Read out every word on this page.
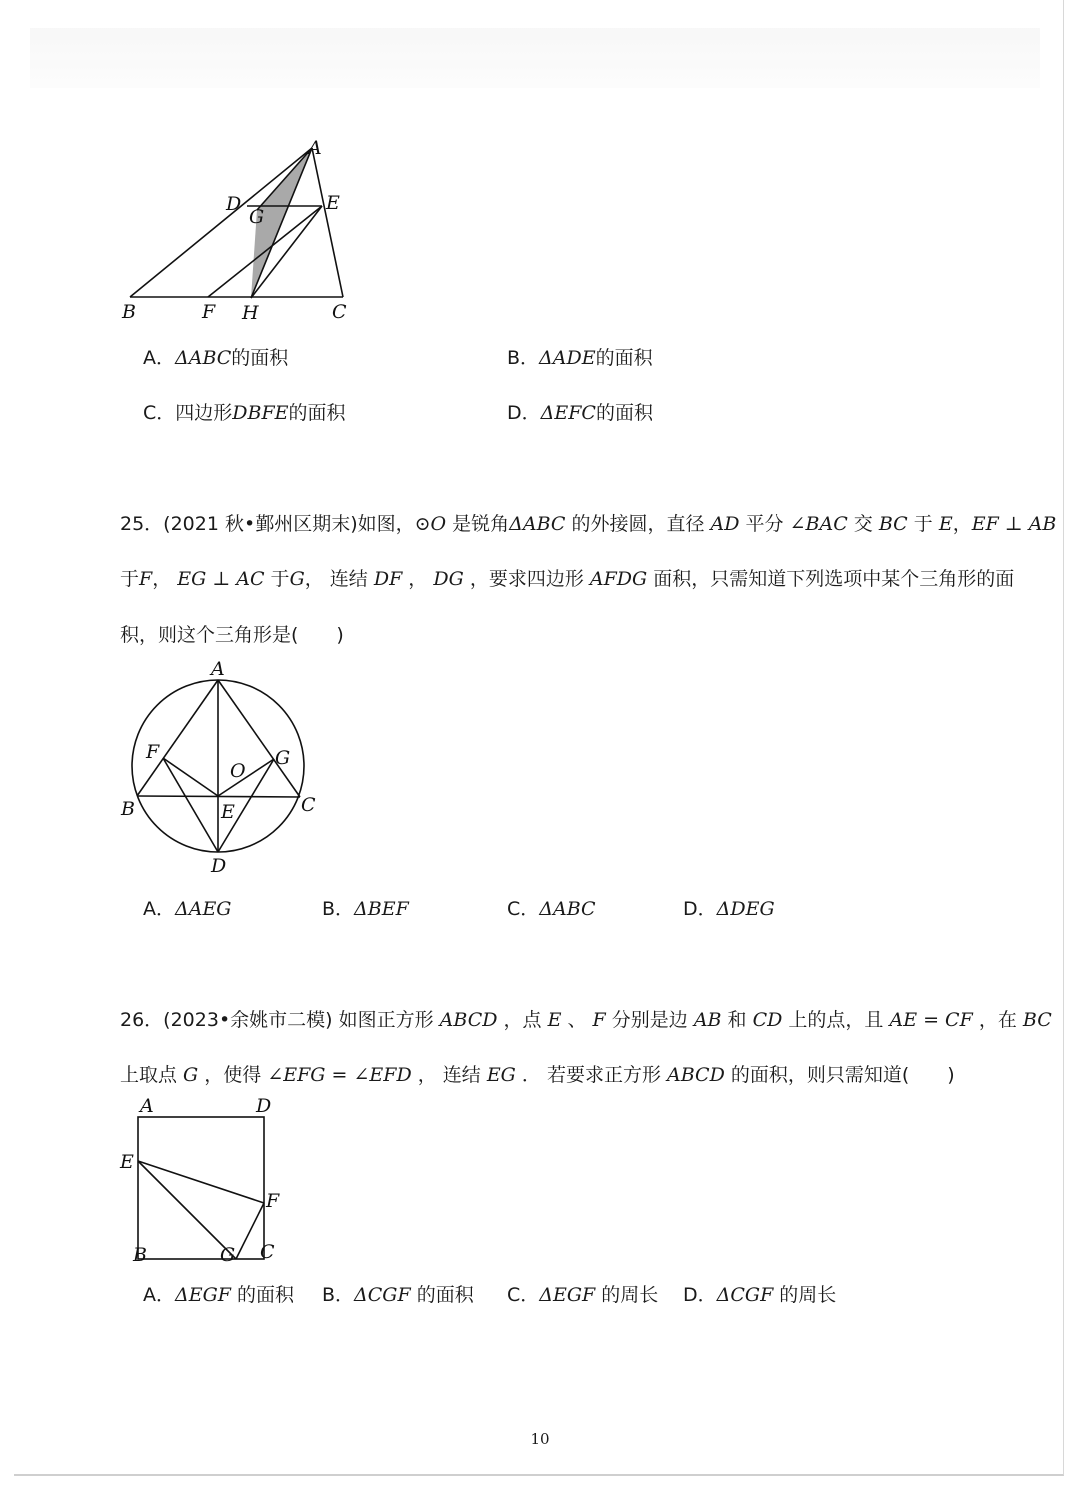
A
D
G
E
B	F H	C
A．ΔABC的面积	B．ΔADE的面积
C．四边形DBFE的面积	D．ΔEFC的面积
25．(2021 秋•鄞州区期末)如图，⊙O 是锐角ΔABC 的外接圆，直径 AD 平分 ∠BAC 交 BC 于 E，EF ⊥ AB
于F， EG ⊥ AC 于G， 连结 DF ， DG ，要求四边形 AFDG 面积，只需知道下列选项中某个三角形的面
积，则这个三角形是(　　)
A
F
O
G
B	E	C
D
A．ΔAEG	B．ΔBEF	C．ΔABC	D．ΔDEG
26．(2023•余姚市二模) 如图正方形 ABCD ，点 E 、 F 分别是边 AB 和 CD 上的点，且 AE = CF ，在 BC
上取点 G ，使得 ∠EFG = ∠EFD ， 连结 EG ． 若要求正方形 ABCD 的面积，则只需知道(　　)
A	D
E
F
B	G C
A．ΔEGF 的面积 B．ΔCGF 的面积 C．ΔEGF 的周长 D．ΔCGF 的周长
10
